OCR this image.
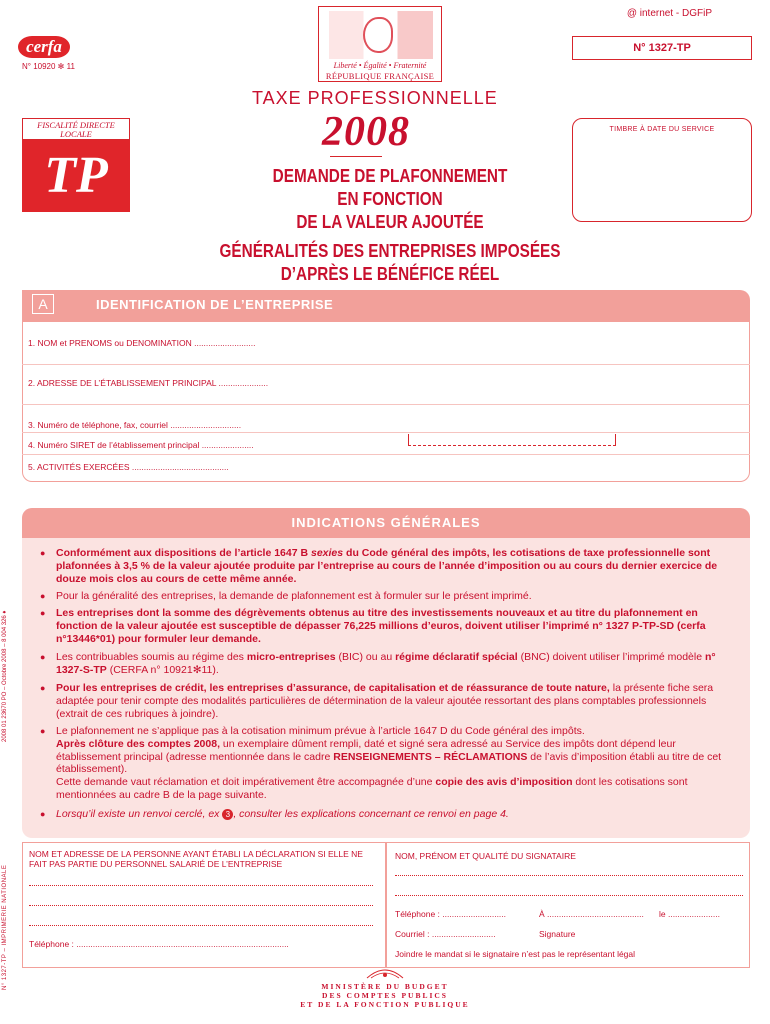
@ internet - DGFiP
cerfa
N° 10920 ✻ 11	Liberté • Égalité • Fraternité
RÉPUBLIQUE FRANÇAISE
N° 1327-TP
TAXE PROFESSIONNELLE
FISCALITÉ DIRECTE LOCALE
TP
2008	TIMBRE À DATE DU SERVICE
DEMANDE DE PLAFONNEMENT
EN FONCTION
DE LA VALEUR AJOUTÉE
GÉNÉRALITÉS DES ENTREPRISES IMPOSÉES
D’APRÈS LE BÉNÉFICE RÉEL
A	IDENTIFICATION DE L’ENTREPRISE
1. NOM et PRENOMS ou DENOMINATION ..........................
2. ADRESSE DE L’ÉTABLISSEMENT PRINCIPAL .....................
3. Numéro de téléphone, fax, courriel ..............................
4. Numéro SIRET de l’établissement principal ......................
5. ACTIVITÉS EXERCÉES .........................................
INDICATIONS GÉNÉRALES

● Conformément aux dispositions de l’article 1647 B sexies du Code général des impôts, les cotisations de taxe professionnelle sont plafonnées à 3,5 % de la valeur ajoutée produite par l’entreprise au cours de l’année d’imposition ou au cours du dernier exercice de douze mois clos au cours de cette même année.

● Pour la généralité des entreprises, la demande de plafonnement est à formuler sur le présent imprimé.

● Les entreprises dont la somme des dégrèvements obtenus au titre des investissements nouveaux et au titre du plafonnement en fonction de la valeur ajoutée est susceptible de dépasser 76,225 millions d’euros, doivent utiliser l’imprimé n° 1327 P-TP-SD (cerfa n°13446*01) pour formuler leur demande.

● Les contribuables soumis au régime des micro-entreprises (BIC) ou au régime déclaratif spécial (BNC) doivent utiliser l’imprimé modèle n° 1327-S-TP (CERFA n° 10921✻11).

● Pour les entreprises de crédit, les entreprises d’assurance, de capitalisation et de réassurance de toute nature, la présente fiche sera adaptée pour tenir compte des modalités particulières de détermination de la valeur ajoutée ressortant des plans comptables professionnels (extrait de ces rubriques à joindre).

● Le plafonnement ne s’applique pas à la cotisation minimum prévue à l’article 1647 D du Code général des impôts.
Après clôture des comptes 2008, un exemplaire dûment rempli, daté et signé sera adressé au Service des impôts dont dépend leur établissement principal (adresse mentionnée dans le cadre RENSEIGNEMENTS – RÉCLAMATIONS de l’avis d’imposition établi au titre de cet établissement).
Cette demande vaut réclamation et doit impérativement être accompagnée d’une copie des avis d’imposition dont les cotisations sont mentionnées au cadre B de la page suivante.

● Lorsqu’il existe un renvoi cerclé, ex 3 , consulter les explications concernant ce renvoi en page 4.

N° 1327-TP – IMPRIMERIE NATIONALE
2008 01 23670 PO – Octobre 2008 – 8 004 326 ♦
NOM ET ADRESSE DE LA PERSONNE AYANT ÉTABLI LA DÉCLARATION SI ELLE NE FAIT PAS PARTIE DU PERSONNEL SALARIÉ DE L’ENTREPRISE
Téléphone : ..........................................................................................
NOM, PRÉNOM ET QUALITÉ DU SIGNATAIRE
Téléphone : ...........................	À ......................................... le ......................
Courriel : ...........................	Signature
Joindre le mandat si le signataire n’est pas le représentant légal
MINISTÈRE DU BUDGET
DES COMPTES PUBLICS
ET DE LA FONCTION PUBLIQUE
